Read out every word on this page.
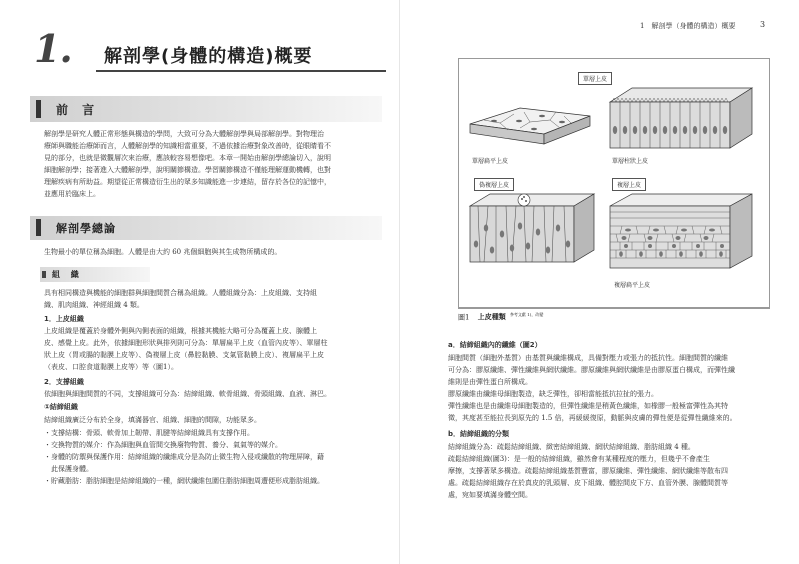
1. 解剖學(身體的構造)概要
前 言
解剖學是研究人體正常形態與構造的學問，大致可分為大體解剖學與局部解剖學。對物理治
療師與職能治療師而言，人體解剖學的知識相當重要，不過依據治療對象改善時，從眼睛看不
見的部分，也就是微觀層次來治療，應該較容易想像吧。本章一開始由解剖學總論切入，說明
細胞解剖學；接著進入大體解剖學，說明關節構造。學習關節構造不僅能理解運動機轉，也對
理解疾病有所助益。期望從正常構造衍生出的眾多知識能進一步連結，留存於各位的記憶中，
並應用於臨床上。
解剖學總論
生物最小的單位稱為細胞。人體是由大約 60 兆個細胞與其生成物所構成的。
組 織
具有相同構造與機能的細胞群與細胞間質合稱為組織。人體組織分為：上皮組織、支持組
織、肌肉組織、神經組織 4 類。
1．上皮組織
上皮組織是覆蓋於身體外側與內側表面的組織，根據其機能大略可分為覆蓋上皮、腺體上
皮、感覺上皮。此外，依據細胞形狀與排列則可分為：單層扁平上皮（血管內皮等）、單層柱
狀上皮（胃或腸的黏膜上皮等）、偽複層上皮（鼻腔黏膜、支氣管黏膜上皮）、複層扁平上皮
（表皮、口腔食道黏膜上皮等）等（圖1）。
2．支撐組織
依細胞與細胞間質的不同，支撐組織可分為：結締組織、軟骨組織、骨頭組織、血液、淋巴。
①結締組織
結締組織廣泛分布於全身，填滿器官、組織、細胞的間隙，功能眾多。
・支撐結構：骨頭、軟骨加上韌帶、肌腱等結締組織具有支撐作用。
・交換物質的媒介：作為細胞與血管間交換廢物物質、養分、氣氣等的媒介。
・身體的防禦與保護作用：結締組織的纖維成分是為防止微生物入侵或纖散的物理屏障，藉
　此保護身體。
・貯藏脂肪：脂肪細胞是結締組織的一種，網狀纖維包圍住脂肪細胞周遭便形成脂肪組織。
1　解剖學（身體的構造）概要	3
單層上皮
單層扁平上皮	單層柱狀上皮
偽複層上皮	複層上皮
複層扁平上皮
圖1 上皮種類 $^{參考文獻 1),改變}$
a．結締組織內的纖維（圖2）
細胞間質（細胞外基質）由基質與纖維構成，具備對壓力或張力的抵抗性。細胞間質的纖維
可分為：膠原纖維、彈性纖維與網狀纖維。膠原纖維與網狀纖維是由膠原蛋白構成，而彈性纖
維則是由彈性蛋白所構成。
膠原纖維由纖維母細胞製造，缺乏彈性，卻相當能抵抗拉扯的張力。
彈性纖維也是由纖維母細胞製造的，但彈性纖維是稍黃色纖維，如橡膠一般極富彈性為其特
徵，其度甚至能拉長到原先的 1.5 倍，再緩緩復原，動脈與皮膚的彈性便是從彈性纖維來的。
b．結締組織的分類
結締組織分為：疏鬆結締組織、緻密結締組織、網狀結締組織、脂肪組織 4 種。
疏鬆結締組織(圖3)：是一般的結締組織，雖然會有某種程度的壓力，但幾乎不會產生
摩擦，支撐著眾多構造。疏鬆結締組織基質豐富，膠原纖維、彈性纖維、網狀纖維等散布四
處。疏鬆結締組織存在於真皮的乳頭層、皮下組織、體腔間皮下方、血管外膜、腺體間質等
處，宛如要填滿身體空間。
